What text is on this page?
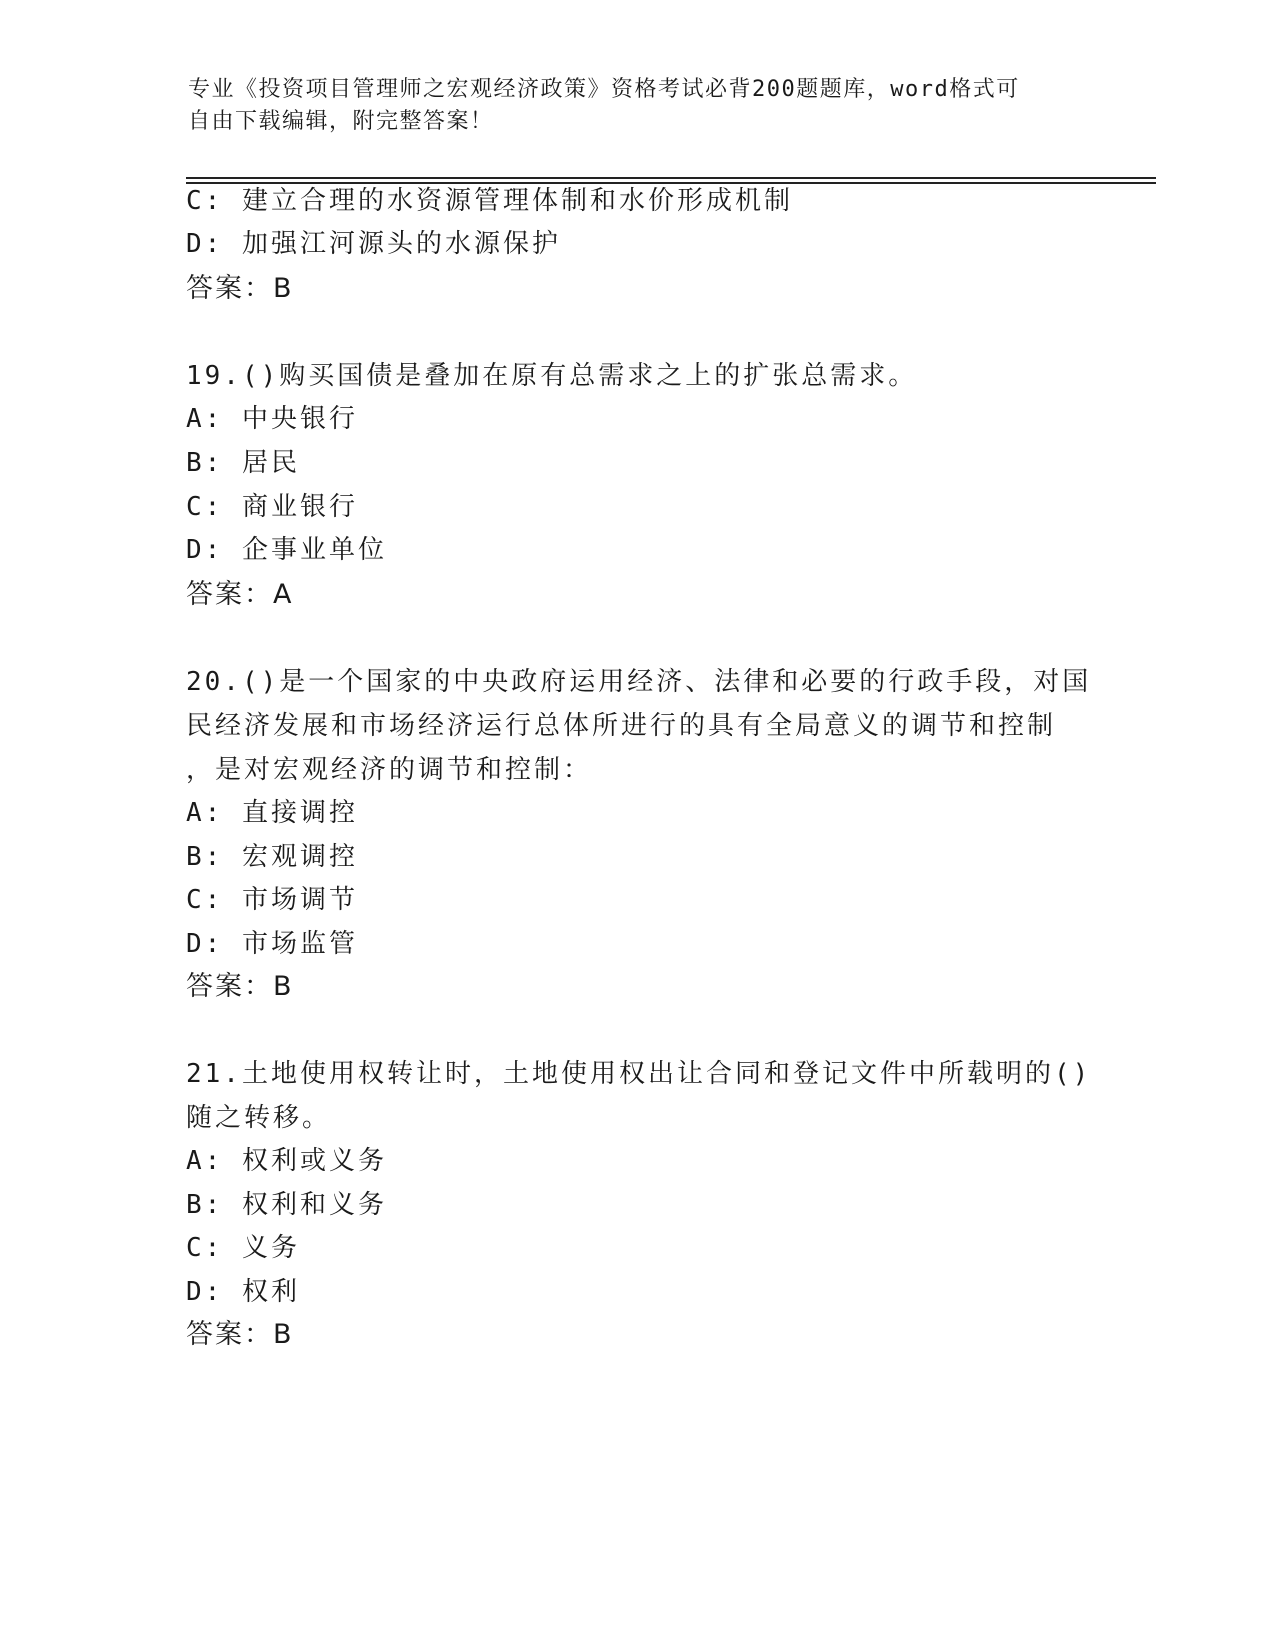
专业《投资项目管理师之宏观经济政策》资格考试必背200题题库，word格式可
自由下载编辑，附完整答案！
C: 建立合理的水资源管理体制和水价形成机制
D: 加强江河源头的水源保护
答案：B
19.()购买国债是叠加在原有总需求之上的扩张总需求。
A: 中央银行
B: 居民
C: 商业银行
D: 企事业单位
答案：A
20.()是一个国家的中央政府运用经济、法律和必要的行政手段，对国
民经济发展和市场经济运行总体所进行的具有全局意义的调节和控制
，是对宏观经济的调节和控制：
A: 直接调控
B: 宏观调控
C: 市场调节
D: 市场监管
答案：B
21.土地使用权转让时，土地使用权出让合同和登记文件中所载明的()
随之转移。
A: 权利或义务
B: 权利和义务
C: 义务
D: 权利
答案：B
